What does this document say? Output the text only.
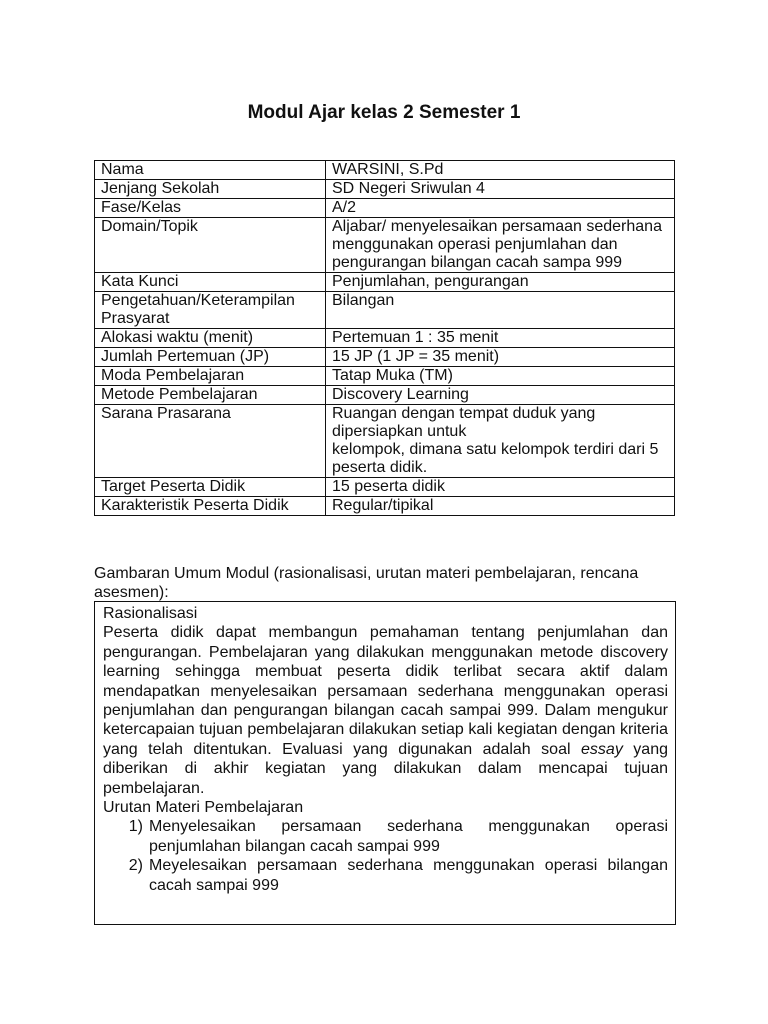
Modul Ajar kelas 2 Semester 1
Nama	WARSINI, S.Pd

Jenjang Sekolah	SD Negeri Sriwulan 4

Fase/Kelas	A/2

Domain/Topik	Aljabar/ menyelesaikan persamaan sederhana
menggunakan operasi penjumlahan dan
pengurangan bilangan cacah sampa 999

Kata Kunci	Penjumlahan, pengurangan

Pengetahuan/Keterampilan Prasyarat	Bilangan

Alokasi waktu (menit)	Pertemuan 1 : 35 menit

Jumlah Pertemuan (JP)	15 JP (1 JP = 35 menit)

Moda Pembelajaran	Tatap Muka (TM)

Metode Pembelajaran	Discovery Learning

Sarana Prasarana	Ruangan dengan tempat duduk yang dipersiapkan untuk
kelompok, dimana satu kelompok terdiri dari 5 peserta didik.

Target Peserta Didik	15 peserta didik

Karakteristik Peserta Didik	Regular/tipikal
Gambaran Umum Modul (rasionalisasi, urutan materi pembelajaran, rencana asesmen):

Rasionalisasi

Peserta didik dapat membangun pemahaman tentang penjumlahan dan pengurangan. Pembelajaran yang dilakukan menggunakan metode discovery learning sehingga membuat peserta didik terlibat secara aktif dalam mendapatkan menyelesaikan persamaan sederhana menggunakan operasi penjumlahan dan pengurangan bilangan cacah sampai 999. Dalam mengukur ketercapaian tujuan pembelajaran dilakukan setiap kali kegiatan dengan kriteria yang telah ditentukan. Evaluasi yang digunakan adalah soal essay yang diberikan di akhir kegiatan yang dilakukan dalam mencapai tujuan pembelajaran.

Urutan Materi Pembelajaran

1) Menyelesaikan persamaan sederhana menggunakan operasi penjumlahan bilangan cacah sampai 999
2) Meyelesaikan persamaan sederhana menggunakan operasi bilangan cacah sampai 999
